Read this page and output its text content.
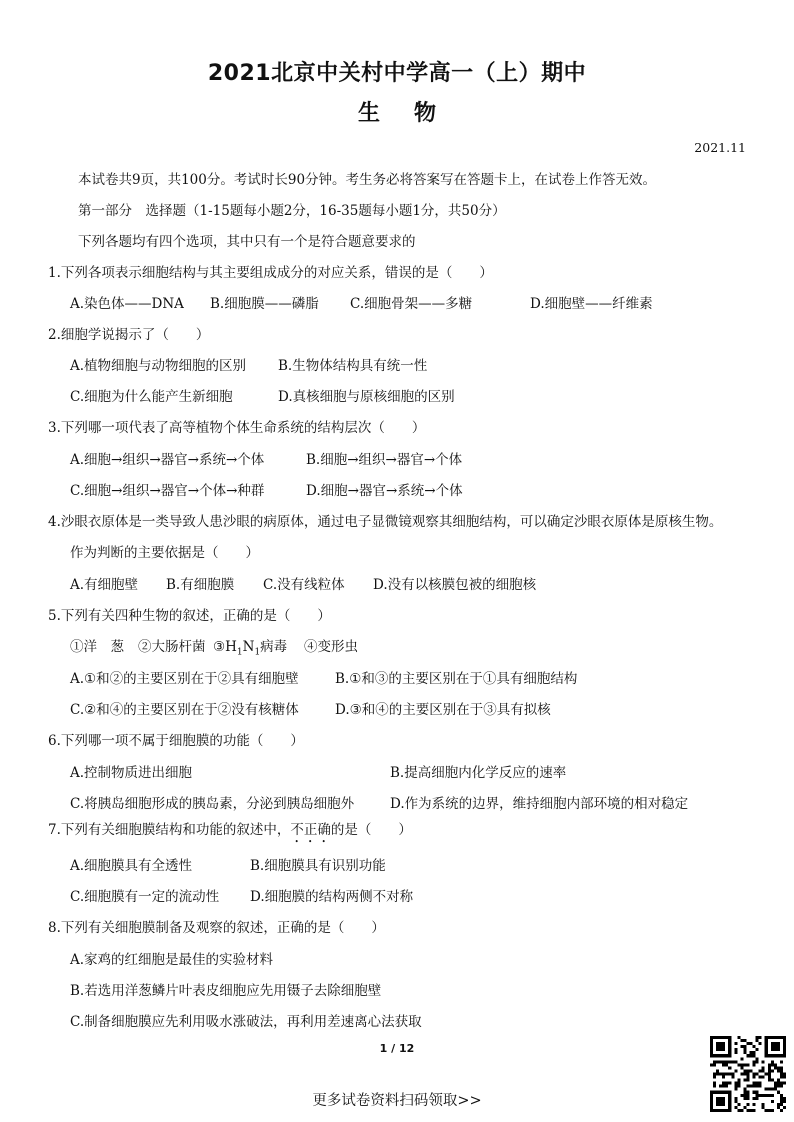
2021北京中关村中学高一（上）期中
生物
2021.11
本试卷共9页，共100分。考试时长90分钟。考生务必将答案写在答题卡上，在试卷上作答无效。
第一部分　选择题（1-15题每小题2分，16-35题每小题1分，共50分）
下列各题均有四个选项，其中只有一个是符合题意要求的
1.下列各项表示细胞结构与其主要组成成分的对应关系，错误的是（　　）
A.染色体——DNA B.细胞膜——磷脂 C.细胞骨架——多糖	D.细胞壁——纤维素
2.细胞学说揭示了（　　）
A.植物细胞与动物细胞的区别 B.生物体结构具有统一性
C.细胞为什么能产生新细胞	D.真核细胞与原核细胞的区别
3.下列哪一项代表了高等植物个体生命系统的结构层次（　　）
A.细胞→组织→器官→系统→个体	B.细胞→组织→器官→个体
C.细胞→组织→器官→个体→种群	D.细胞→器官→系统→个体
4.沙眼衣原体是一类导致人患沙眼的病原体，通过电子显微镜观察其细胞结构，可以确定沙眼衣原体是原核生物。
作为判断的主要依据是（　　）
A.有细胞壁 B.有细胞膜 C.没有线粒体 D.没有以核膜包被的细胞核
5.下列有关四种生物的叙述，正确的是（　　）
①洋　葱 ②大肠杆菌 $③H_1N_1$病毒 ④变形虫
A.①和②的主要区别在于②具有细胞壁	B.①和③的主要区别在于①具有细胞结构
C.②和④的主要区别在于②没有核糖体	D.③和④的主要区别在于③具有拟核
6.下列哪一项不属于细胞膜的功能（　　）
A.控制物质进出细胞	B.提高细胞内化学反应的速率
C.将胰岛细胞形成的胰岛素，分泌到胰岛细胞外	D.作为系统的边界，维持细胞内部环境的相对稳定
7.下列有关细胞膜结构和功能的叙述中，不正确的是（　　）
A.细胞膜具有全透性	B.细胞膜具有识别功能
C.细胞膜有一定的流动性 D.细胞膜的结构两侧不对称
8.下列有关细胞膜制备及观察的叙述，正确的是（　　）
A.家鸡的红细胞是最佳的实验材料
B.若选用洋葱鳞片叶表皮细胞应先用镊子去除细胞壁
C.制备细胞膜应先利用吸水涨破法，再利用差速离心法获取
1 / 12
更多试卷资料扫码领取>>
